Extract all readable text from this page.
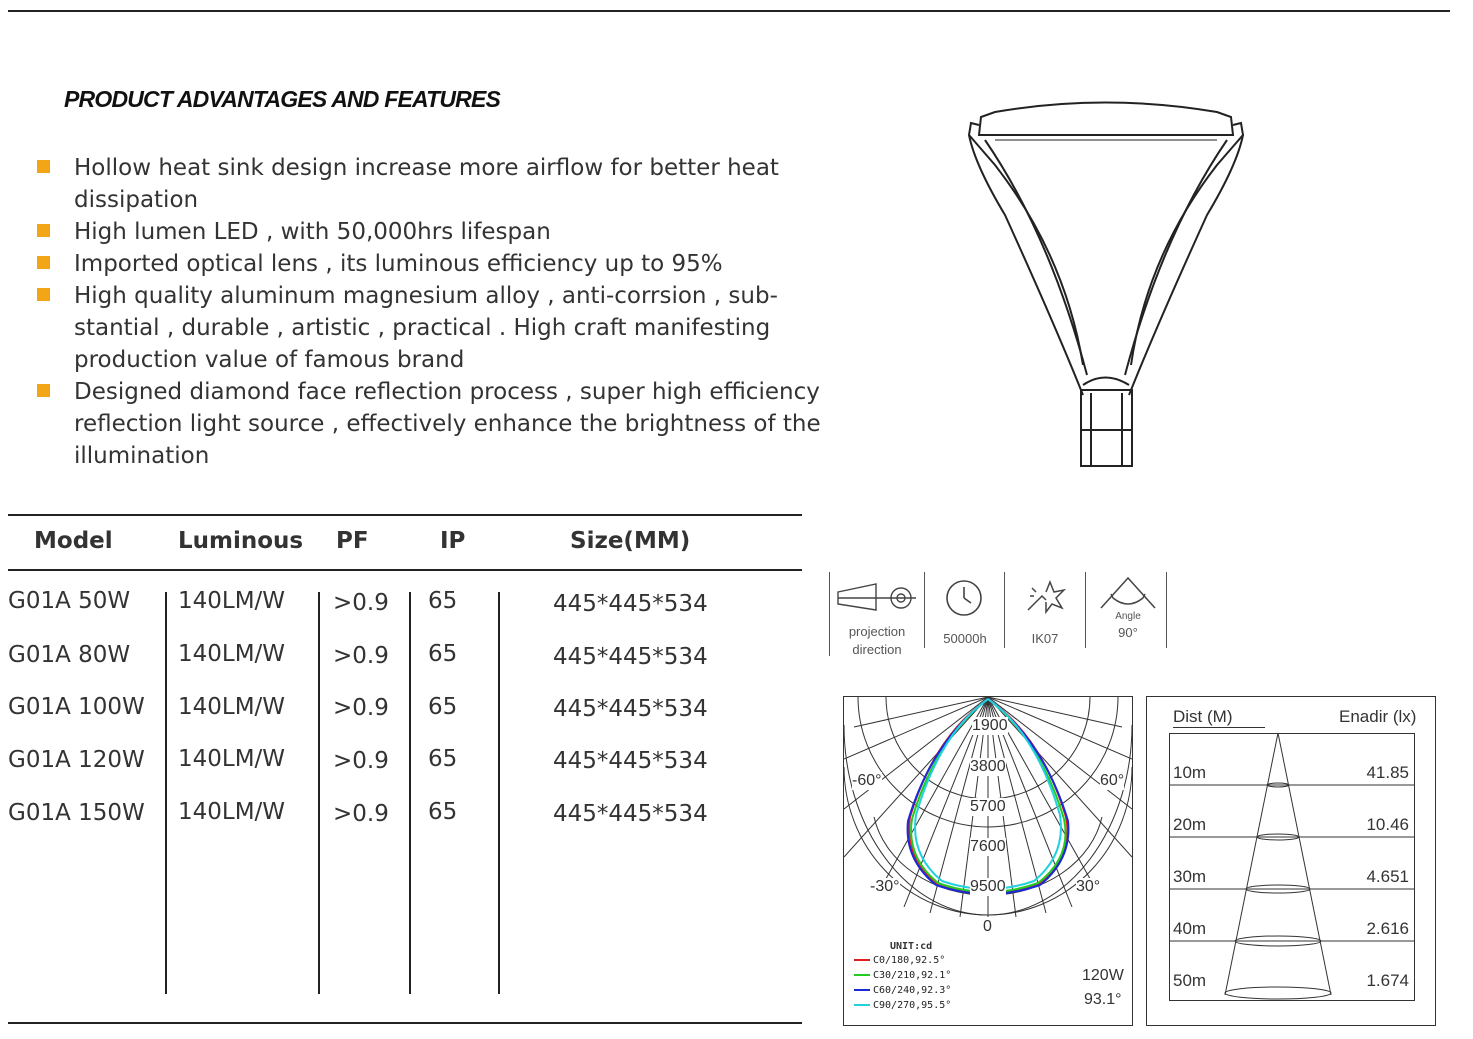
PRODUCT ADVANTAGES AND FEATURES
Hollow heat sink design increase more airflow for better heat dissipation
High lumen LED , with 50,000hrs lifespan
Imported optical lens , its luminous efficiency up to 95%
High quality aluminum magnesium alloy , anti-corrsion , sub-stantial , durable , artistic , practical . High craft manifesting production value of famous brand
Designed diamond face reflection process , super high efficiency reflection light source , effectively enhance the brightness of the illumination
Model	Luminous PF	IP	Size(MM)
G01A 50W 140LM/W >0.9 65	445*445*534
G01A 80W 140LM/W >0.9 65	445*445*534
G01A 100W 140LM/W >0.9 65	445*445*534
G01A 120W 140LM/W >0.9 65	445*445*534
G01A 150W 140LM/W >0.9 65	445*445*534
projection
direction
50000h	IK07
Angle
90°
1900
3800
5700
7600
9500
-60°	60°
-30°	30°
0
UNIT:cd
C0/180,92.5°
C30/210,92.1°
C60/240,92.3°
C90/270,95.5°
120W
93.1°
Dist (M)	Enadir (lx)
10m	41.85
20m	10.46
30m	4.651
40m	2.616
50m	1.674
